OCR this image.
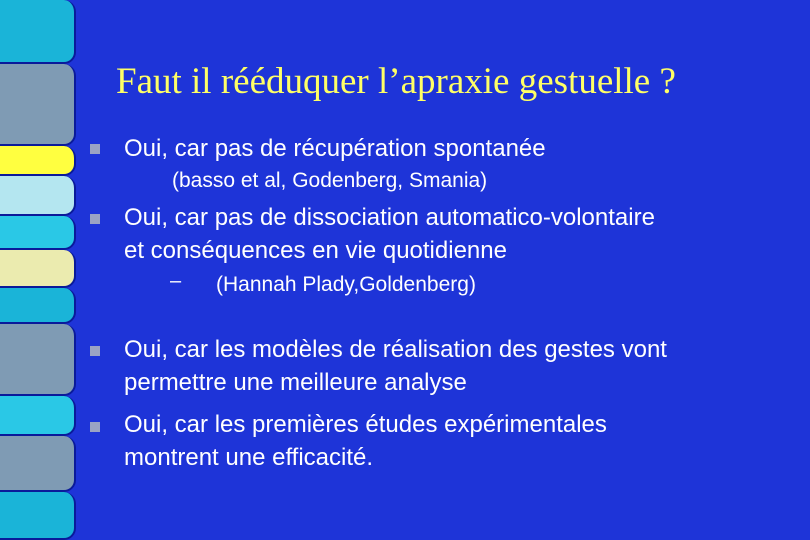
Faut il rééduquer l’apraxie gestuelle ?
Oui, car pas de récupération spontanée
(basso et al, Godenberg, Smania)
Oui, car pas de dissociation automatico-volontaire
et conséquences en vie quotidienne
– (Hannah Plady,Goldenberg)
Oui, car les modèles de réalisation des gestes vont
permettre une meilleure analyse
Oui, car les premières études expérimentales
montrent une efficacité.
